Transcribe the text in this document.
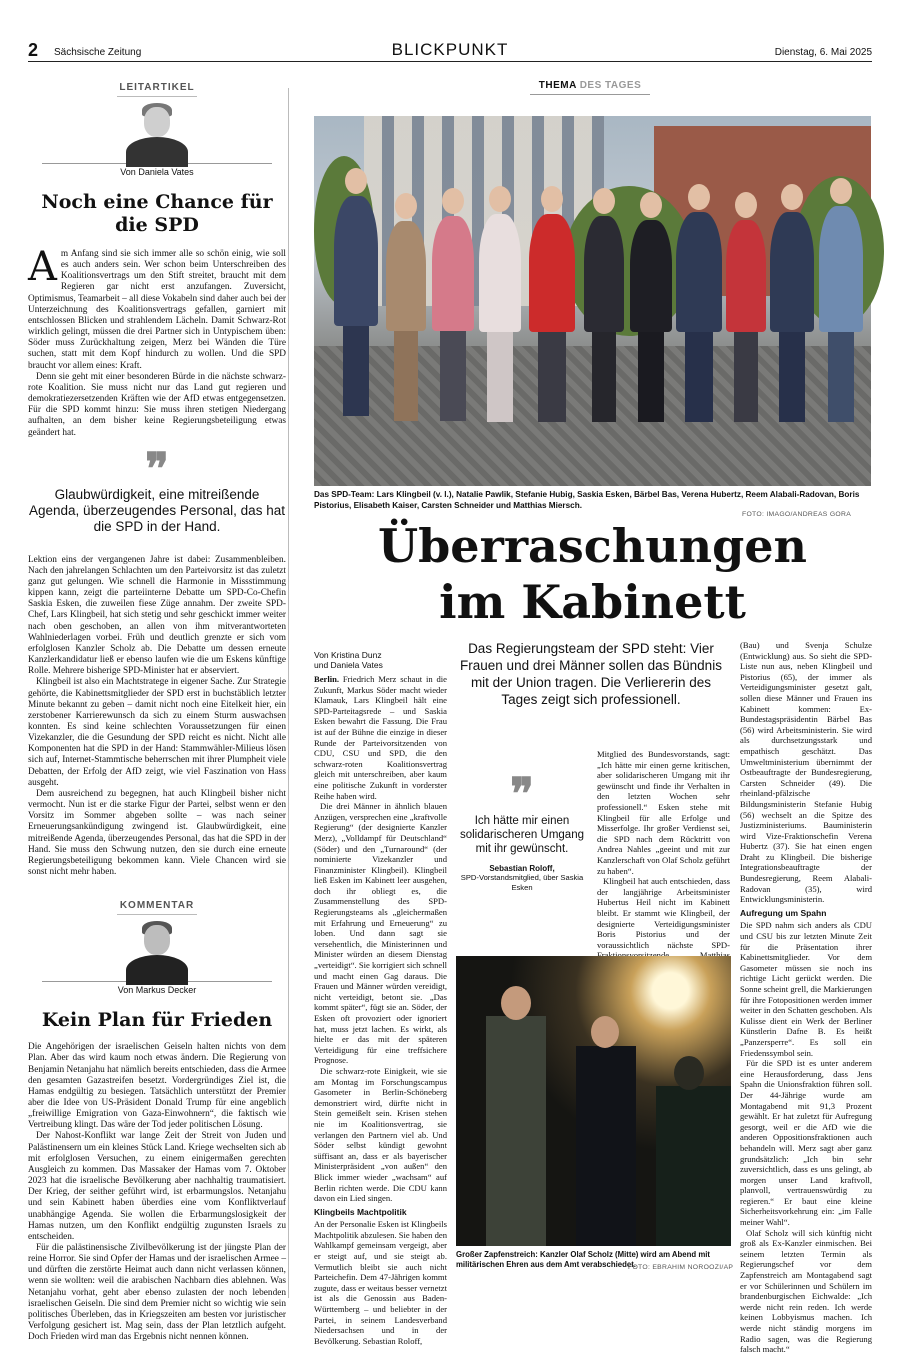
2 Sächsische Zeitung	BLICKPUNKT	Dienstag, 6. Mai 2025
LEITARTIKEL
Von Daniela Vates
Noch eine Chance für die SPD

Am Anfang sind sie sich immer alle so schön einig, wie soll es auch anders sein. Wer schon beim Unterschreiben des Koalitionsvertrags um den Stift streitet, braucht mit dem Regieren gar nicht erst anzufangen. Zuversicht, Optimismus, Teamarbeit – all diese Vokabeln sind daher auch bei der Unterzeichnung des Koalitionsvertrags gefallen, garniert mit entschlossen Blicken und strahlendem Lächeln. Damit Schwarz-Rot wirklich gelingt, müssen die drei Partner sich in Untypischem üben: Söder muss Zurückhaltung zeigen, Merz bei Wänden die Türe suchen, statt mit dem Kopf hindurch zu wollen. Und die SPD braucht vor allem eines: Kraft.

Denn sie geht mit einer besonderen Bürde in die nächste schwarz-rote Koalition. Sie muss nicht nur das Land gut regieren und demokratiezersetzenden Kräften wie der AfD etwas entgegensetzen. Für die SPD kommt hinzu: Sie muss ihren stetigen Niedergang aufhalten, an dem bisher keine Regierungsbeteiligung etwas geändert hat.

❞

Glaubwürdigkeit, eine mitreißende Agenda, überzeugendes Personal, das hat die SPD in der Hand.

Lektion eins der vergangenen Jahre ist dabei: Zusammenbleiben. Nach den jahrelangen Schlachten um den Parteivorsitz ist das zuletzt ganz gut gelungen. Wie schnell die Harmonie in Missstimmung kippen kann, zeigt die parteiinterne Debatte um SPD-Co-Chefin Saskia Esken, die zuweilen fiese Züge annahm. Der zweite SPD-Chef, Lars Klingbeil, hat sich stetig und sehr geschickt immer weiter nach oben geschoben, an allen von ihm mitverantworteten Wahlniederlagen vorbei. Früh und deutlich grenzte er sich vom erfolglosen Kanzler Scholz ab. Die Debatte um dessen erneute Kanzlerkandidatur ließ er ebenso laufen wie die um Eskens künftige Rolle. Mehrere bisherige SPD-Minister hat er abserviert.

Klingbeil ist also ein Machtstratege in eigener Sache. Zur Strategie gehörte, die Kabinettsmitglieder der SPD erst in buchstäblich letzter Minute bekannt zu geben – damit nicht noch eine Eitelkeit hier, ein zerstobener Karrierewunsch da sich zu einem Sturm auswachsen konnten. Es sind keine schlechten Voraussetzungen für einen Vizekanzler, die die Gesundung der SPD reicht es nicht. Nicht alle Komponenten hat die SPD in der Hand: Stammwähler-Milieus lösen sich auf, Internet-Stammtische beherrschen mit ihrer Plumpheit viele Debatten, der Erfolg der AfD zeigt, wie viel Faszination von Hass ausgeht.

Dem ausreichend zu begegnen, hat auch Klingbeil bisher nicht vermocht. Nun ist er die starke Figur der Partei, selbst wenn er den Vorsitz im Sommer abgeben sollte – was nach seiner Erneuerungsankündigung zwingend ist. Glaubwürdigkeit, eine mitreißende Agenda, überzeugendes Personal, das hat die SPD in der Hand. Sie muss den Schwung nutzen, den sie durch eine erneute Regierungsbeteiligung bekommen kann. Viele Chancen wird sie sonst nicht mehr haben.

KOMMENTAR
Von Markus Decker
Kein Plan für Frieden

Die Angehörigen der israelischen Geiseln halten nichts von dem Plan. Aber das wird kaum noch etwas ändern. Die Regierung von Benjamin Netanjahu hat nämlich bereits entschieden, dass die Armee den gesamten Gazastreifen besetzt. Vordergründiges Ziel ist, die Hamas endgültig zu besiegen. Tatsächlich unterstützt der Premier aber die Idee von US-Präsident Donald Trump für eine angeblich „freiwillige Emigration von Gaza-Einwohnern“, die faktisch wie Vertreibung klingt. Das wäre der Tod jeder politischen Lösung.

Der Nahost-Konflikt war lange Zeit der Streit von Juden und Palästinensern um ein kleines Stück Land. Kriege wechselten sich ab mit erfolglosen Versuchen, zu einem einigermaßen gerechten Ausgleich zu kommen. Das Massaker der Hamas vom 7. Oktober 2023 hat die israelische Bevölkerung aber nachhaltig traumatisiert. Der Krieg, der seither geführt wird, ist erbarmungslos. Netanjahu und sein Kabinett haben überdies eine vom Konfliktverlauf unabhängige Agenda. Sie wollen die Erbarmungslosigkeit der Hamas nutzen, um den Konflikt endgültig zugunsten Israels zu entscheiden.

Für die palästinensische Zivilbevölkerung ist der jüngste Plan der reine Horror. Sie sind Opfer der Hamas und der israelischen Armee – und dürften die zerstörte Heimat auch dann nicht verlassen können, wenn sie wollten: weil die arabischen Nachbarn dies ablehnen. Was Netanjahu vorhat, geht aber ebenso zulasten der noch lebenden israelischen Geiseln. Die sind dem Premier nicht so wichtig wie sein politisches Überleben, das in Kriegszeiten am besten vor juristischer Verfolgung gesichert ist. Mag sein, dass der Plan letztlich aufgeht. Doch Frieden wird man das Ergebnis nicht nennen können.

THEMA DES TAGES
Das SPD-Team: Lars Klingbeil (v. l.), Natalie Pawlik, Stefanie Hubig, Saskia Esken, Bärbel Bas, Verena Hubertz, Reem Alabali-Radovan, Boris Pistorius, Elisabeth Kaiser, Carsten Schneider und Matthias Miersch.
FOTO: IMAGO/ANDREAS GORA
Überraschungen
im Kabinett

Das Regierungsteam der SPD steht: Vier Frauen und drei Männer sollen das Bündnis mit der Union tragen. Die Verliererin des Tages zeigt sich professionell.

Von Kristina Dunz
und Daniela Vates

Berlin. Friedrich Merz schaut in die Zukunft, Markus Söder macht wieder Klamauk, Lars Klingbeil hält eine SPD-Parteitagsrede – und Saskia Esken bewahrt die Fassung. Die Frau ist auf der Bühne die einzige in dieser Runde der Parteivorsitzenden von CDU, CSU und SPD, die den schwarz-roten Koalitionsvertrag gleich mit unterschreiben, aber kaum eine politische Zukunft in vorderster Reihe haben wird.

Die drei Männer in ähnlich blauen Anzügen, versprechen eine „kraftvolle Regierung“ (der designierte Kanzler Merz), „Volldampf für Deutschland“ (Söder) und den „Turnaround“ (der nominierte Vizekanzler und Finanzminister Klingbeil). Klingbeil ließ Esken im Kabinett leer ausgehen, doch ihr obliegt es, die Zusammenstellung des SPD-Regierungsteams als „gleichermaßen mit Erfahrung und Erneuerung“ zu loben. Und dann sagt sie versehentlich, die Ministerinnen und Minister würden an diesem Dienstag „verteidigt“. Sie korrigiert sich schnell und macht einen Gag daraus. Die Frauen und Männer würden vereidigt, nicht verteidigt, betont sie. „Das kommt später“, fügt sie an. Söder, der Esken oft provoziert oder ignoriert hat, muss jetzt lachen. Es wirkt, als hielte er das mit der späteren Verteidigung für eine treffsichere Prognose.

Die schwarz-rote Einigkeit, wie sie am Montag im Forschungscampus Gasometer in Berlin-Schöneberg demonstriert wird, dürfte nicht in Stein gemeißelt sein. Krisen stehen nie im Koalitionsvertrag, sie verlangen den Partnern viel ab. Und Söder selbst kündigt gewohnt süffisant an, dass er als bayerischer Ministerpräsident „von außen“ den Blick immer wieder „wachsam“ auf Berlin richten werde. Die CDU kann davon ein Lied singen.

Klingbeils Machtpolitik

An der Personalie Esken ist Klingbeils Machtpolitik abzulesen. Sie haben den Wahlkampf gemeinsam vergeigt, aber er steigt auf, und sie steigt ab. Vermutlich bleibt sie auch nicht Parteichefin. Dem 47-Jährigen kommt zugute, dass er weitaus besser vernetzt ist als die Genossin aus Baden-Württemberg – und beliebter in der Partei, in seinem Landesverband Niedersachsen und in der Bevölkerung. Sebastian Roloff,

❞

Ich hätte mir einen solidarischeren Umgang mit ihr gewünscht.

Sebastian Roloff,
SPD-Vorstandsmitglied, über Saskia Esken

Mitglied des Bundesvorstands, sagt: „Ich hätte mir einen gerne kritischen, aber solidarischeren Umgang mit ihr gewünscht und finde ihr Verhalten in den letzten Wochen sehr professionell.“ Esken stehe mit Klingbeil für alle Erfolge und Misserfolge. Ihr großer Verdienst sei, die SPD nach dem Rücktritt von Andrea Nahles „geeint und mit zur Kanzlerschaft von Olaf Scholz geführt zu haben“.

Klingbeil hat auch entschieden, dass der langjährige Arbeitsminister Hubertus Heil nicht im Kabinett bleibt. Er stammt wie Klingbeil, der designierte Verteidigungsminister Boris Pistorius und der voraussichtlich nächste SPD-

(Bau) und Svenja Schulze (Entwicklung) aus. So sieht die SPD-Liste nun aus, neben Klingbeil und Pistorius (65), der immer als Verteidigungsminister gesetzt galt, sollen diese Männer und Frauen ins Kabinett kommen: Ex-Bundestagspräsidentin Bärbel Bas (56) wird Arbeitsministerin. Sie wird als durchsetzungsstark und empathisch geschätzt. Das Umweltministerium übernimmt der Ostbeauftragte der Bundesregierung, Carsten Schneider (49). Die rheinland-pfälzische Bildungsministerin Stefanie Hubig (56) wechselt an die Spitze des Justizministeriums. Bauministerin wird Vize-Fraktionschefin Verena Hubertz (37). Sie hat einen engen Draht zu Klingbeil. Die bisherige Integrationsbeauftragte der Bundesregierung, Reem Alabali-Radovan (35), wird Entwicklungsministerin.

Aufregung um Spahn

Die SPD nahm sich anders als CDU und CSU bis zur letzten Minute Zeit für die Präsentation ihrer Kabinettsmitglieder. Vor dem Gasometer müssen sie noch ins richtige Licht gerückt werden. Die Sonne scheint grell, die Markierungen für ihre Fotopositionen werden immer weiter in den Schatten geschoben. Als Kulisse dient ein Werk der Berliner Künstlerin Dafne B. Es heißt „Panzersperre“. Es soll ein Friedenssymbol sein.

Für die SPD ist es unter anderem eine Herausforderung, dass Jens Spahn die Unionsfraktion führen soll. Der 44-Jährige wurde am Montagabend mit 91,3 Prozent gewählt. Er hat zuletzt für Aufregung gesorgt, weil er die AfD wie die anderen Oppositionsfraktionen auch behandeln will. Merz sagt aber ganz grundsätzlich: „Ich bin sehr zuversichtlich, dass es uns gelingt, ab morgen unser Land kraftvoll, planvoll, vertrauenswürdig zu regieren.“ Er baut eine kleine Sicherheitsvorkehrung ein: „im Falle meiner Wahl“.

Olaf Scholz will sich künftig nicht groß als Ex-Kanzler einmischen. Bei seinem letzten Termin als Regierungschef vor dem Zapfenstreich am Montagabend sagt er vor Schülerinnen und Schülern im brandenburgischen Eichwalde: „Ich werde nicht rein reden. Ich werde keinen Lobbyismus machen. Ich werde nicht ständig morgens im Radio sagen, was die Regierung falsch macht.“

Großer Zapfenstreich: Kanzler Olaf Scholz (Mitte) wird am Abend mit militärischen Ehren aus dem Amt verabschiedet.
FOTO: EBRAHIM NOROOZI/AP
